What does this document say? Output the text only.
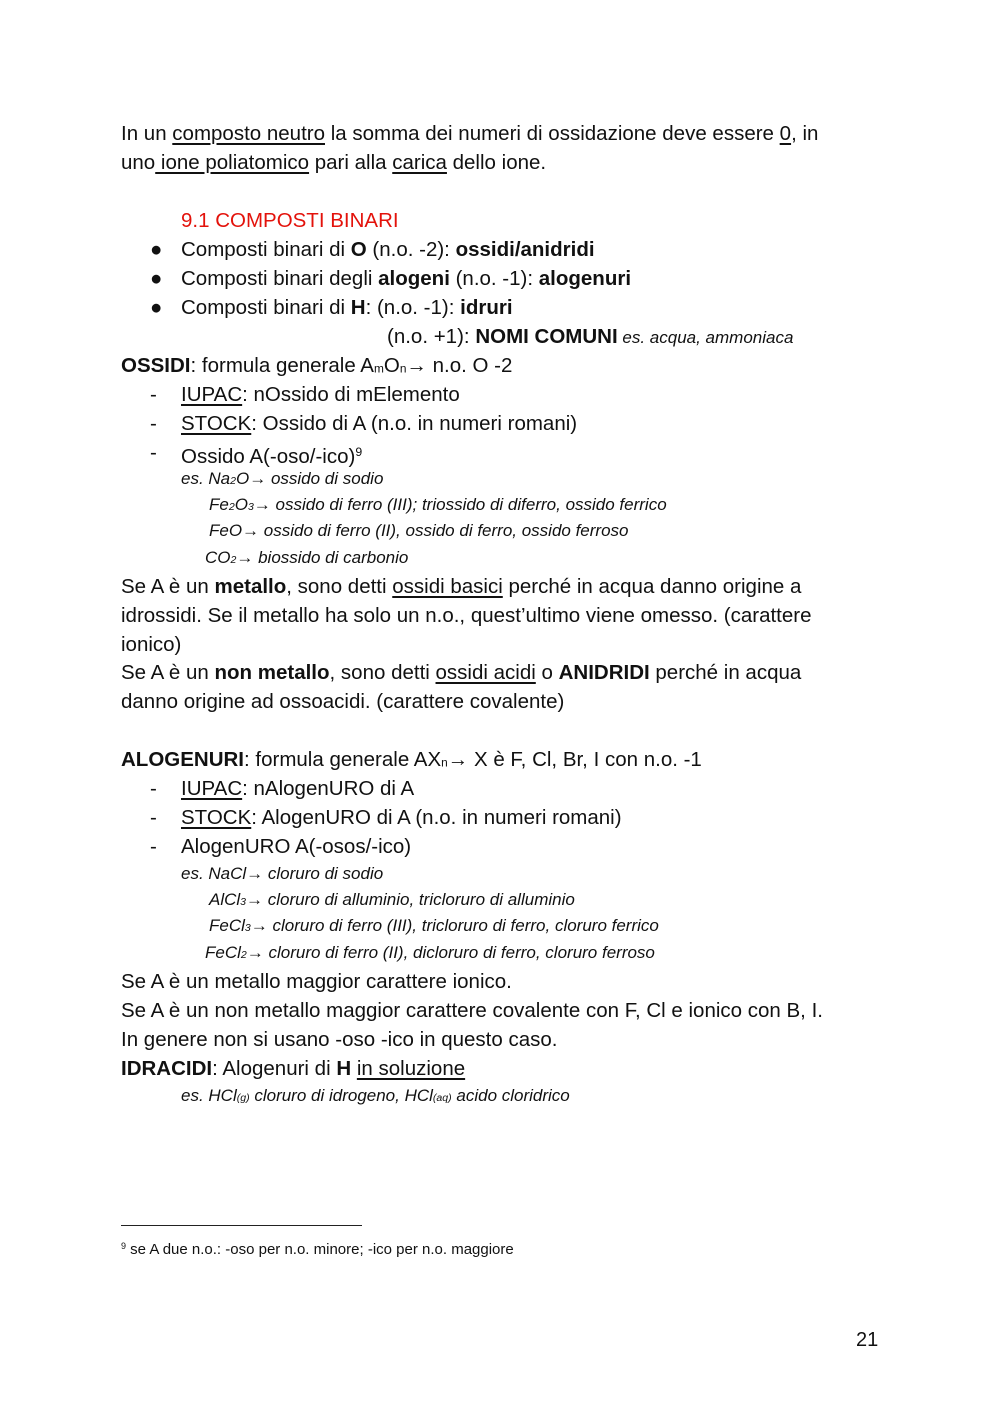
In un composto neutro la somma dei numeri di ossidazione deve essere 0, in
uno ione poliatomico pari alla carica dello ione.
9.1 COMPOSTI BINARI
● Composti binari di O (n.o. -2): ossidi/anidridi
● Composti binari degli alogeni (n.o. -1): alogenuri
● Composti binari di H: (n.o. -1): idruri
(n.o. +1): NOMI COMUNI es. acqua, ammoniaca
OSSIDI: formula generale AmOn→ n.o. O -2
- IUPAC: nOssido di mElemento
- STOCK: Ossido di A (n.o. in numeri romani)
- Ossido $A(-oso/-ico)^9$
es. Na2O→ ossido di sodio
Fe2O3→ ossido di ferro (III); triossido di diferro, ossido ferrico
FeO→ ossido di ferro (II), ossido di ferro, ossido ferroso
CO2→ biossido di carbonio
Se A è un metallo, sono detti ossidi basici perché in acqua danno origine a
idrossidi. Se il metallo ha solo un n.o., quest’ultimo viene omesso. (carattere
ionico)
Se A è un non metallo, sono detti ossidi acidi o ANIDRIDI perché in acqua
danno origine ad ossoacidi. (carattere covalente)
ALOGENURI: formula generale AXn→ X è F, Cl, Br, I con n.o. -1
- IUPAC: nAlogenURO di A
- STOCK: AlogenURO di A (n.o. in numeri romani)
- AlogenURO A(-osos/-ico)
es. NaCl→ cloruro di sodio
AlCl3→ cloruro di alluminio, tricloruro di alluminio
FeCl3→ cloruro di ferro (III), tricloruro di ferro, cloruro ferrico
FeCl2→ cloruro di ferro (II), dicloruro di ferro, cloruro ferroso
Se A è un metallo maggior carattere ionico.
Se A è un non metallo maggior carattere covalente con F, Cl e ionico con B, I.
In genere non si usano -oso -ico in questo caso.
IDRACIDI: Alogenuri di H in soluzione
es. HCl(g) cloruro di idrogeno, HCl(aq) acido cloridrico
$^9$ se A due n.o.: -oso per n.o. minore; -ico per n.o. maggiore
21
